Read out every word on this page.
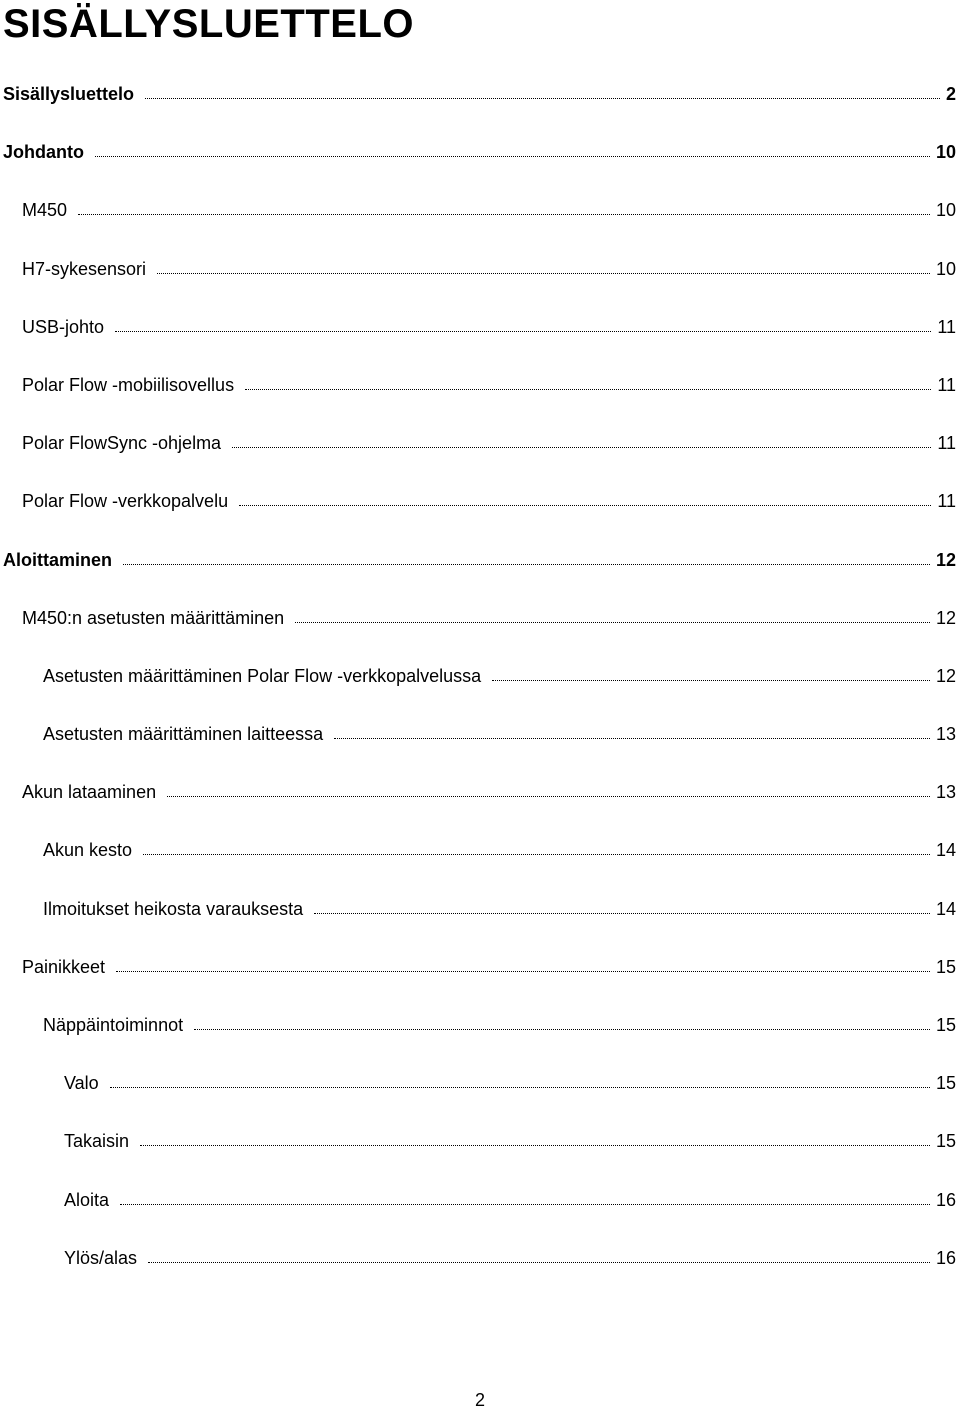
SISÄLLYSLUETTELO
Sisällysluettelo	2
Johdanto	10
M450	10
H7-sykesensori	10
USB-johto	11
Polar Flow -mobiilisovellus	11
Polar FlowSync -ohjelma	11
Polar Flow -verkkopalvelu	11
Aloittaminen	12
M450:n asetusten määrittäminen	12
Asetusten määrittäminen Polar Flow -verkkopalvelussa	12
Asetusten määrittäminen laitteessa	13
Akun lataaminen	13
Akun kesto	14
Ilmoitukset heikosta varauksesta	14
Painikkeet	15
Näppäintoiminnot	15
Valo	15
Takaisin	15
Aloita	16
Ylös/alas	16
2
